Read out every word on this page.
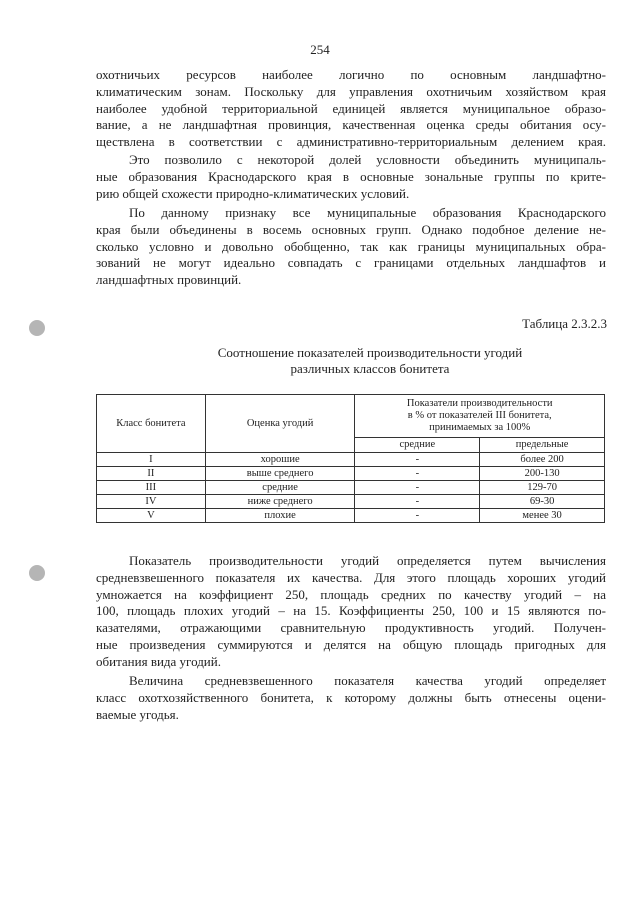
254
охотничьих ресурсов наиболее логично по основным ландшафтно-
климатическим зонам. Поскольку для управления охотничьим хозяйством края
наиболее удобной территориальной единицей является муниципальное образо-
вание, а не ландшафтная провинция, качественная оценка среды обитания осу-
ществлена в соответствии с административно-территориальным делением края.
Это позволило с некоторой долей условности объединить муниципаль-
ные образования Краснодарского края в основные зональные группы по крите-
рию общей схожести природно-климатических условий.
По данному признаку все муниципальные образования Краснодарского
края были объединены в восемь основных групп. Однако подобное деление не-
сколько условно и довольно обобщенно, так как границы муниципальных обра-
зований не могут идеально совпадать с границами отдельных ландшафтов и
ландшафтных провинций.
Таблица 2.3.2.3
Соотношение показателей производительности угодий
различных классов бонитета
Класс бонитета	Оценка угодий	Показатели производительности
в % от показателей III бонитета,
принимаемых за 100%	

		средние	предельные

I	хорошие	-	более 200
II	выше среднего	-	200-130
III	средние	-	129-70
IV	ниже среднего	-	69-30
V	плохие	-	менее 30
Показатель производительности угодий определяется путем вычисления
средневзвешенного показателя их качества. Для этого площадь хороших угодий
умножается на коэффициент 250, площадь средних по качеству угодий – на
100, площадь плохих угодий – на 15. Коэффициенты 250, 100 и 15 являются по-
казателями, отражающими сравнительную продуктивность угодий. Получен-
ные произведения суммируются и делятся на общую площадь пригодных для
обитания вида угодий.
Величина средневзвешенного показателя качества угодий определяет
класс охотхозяйственного бонитета, к которому должны быть отнесены оцени-
ваемые угодья.
